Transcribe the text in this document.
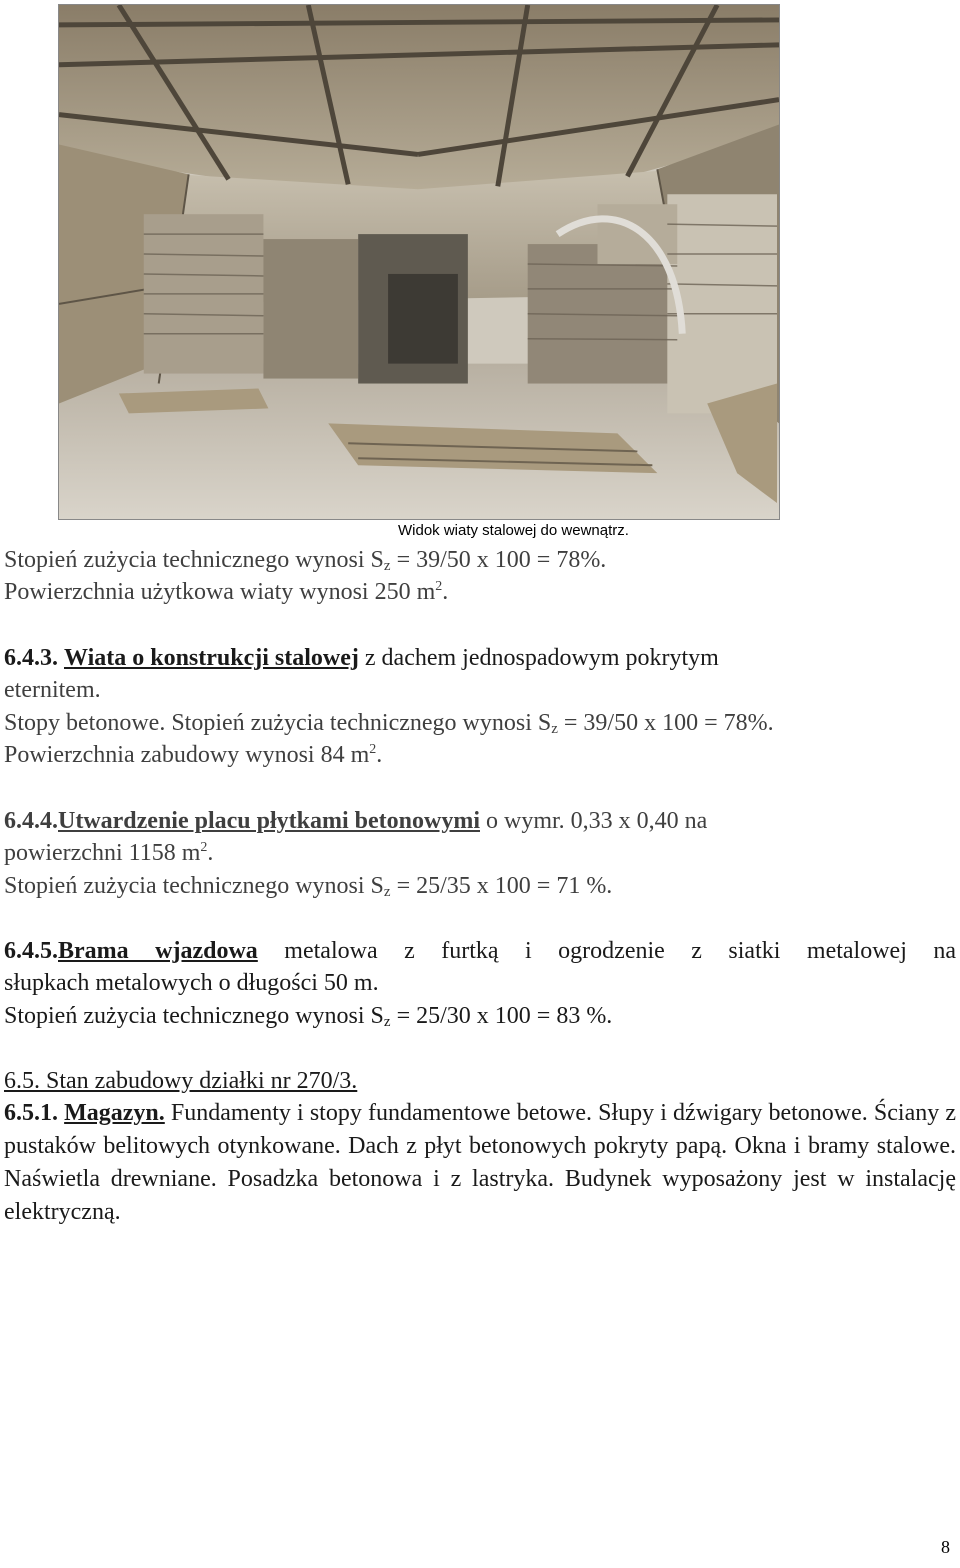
Widok wiaty stalowej do wewnątrz.
Stopień zużycia technicznego wynosi $S_z = 39/50$ x 100 = 78%.
Powierzchnia użytkowa wiaty wynosi 250 $m^2$.
6.4.3. Wiata o konstrukcji stalowej z dachem jednospadowym pokrytym
eternitem.
Stopy betonowe. Stopień zużycia technicznego wynosi $S_z = 39/50$ x 100 = 78%.
Powierzchnia zabudowy wynosi 84 $m^2$.
6.4.4.Utwardzenie placu płytkami betonowymi o wymr. 0,33 x 0,40 na
powierzchni 1158 $m^2$.
Stopień zużycia technicznego wynosi $S_z = 25/35$ x 100 = 71 %.
6.4.5.Brama wjazdowa metalowa z furtką i ogrodzenie z siatki metalowej na
słupkach metalowych o długości 50 m.
Stopień zużycia technicznego wynosi $S_z = 25/30$ x 100 = 83 %.
6.5. Stan zabudowy działki nr 270/3.
6.5.1. Magazyn. Fundamenty i stopy fundamentowe betowe. Słupy i dźwigary betonowe. Ściany z pustaków belitowych otynkowane. Dach z płyt betonowych pokryty papą. Okna i bramy stalowe. Naświetla drewniane. Posadzka betonowa i z lastryka. Budynek wyposażony jest w instalację elektryczną.
8
